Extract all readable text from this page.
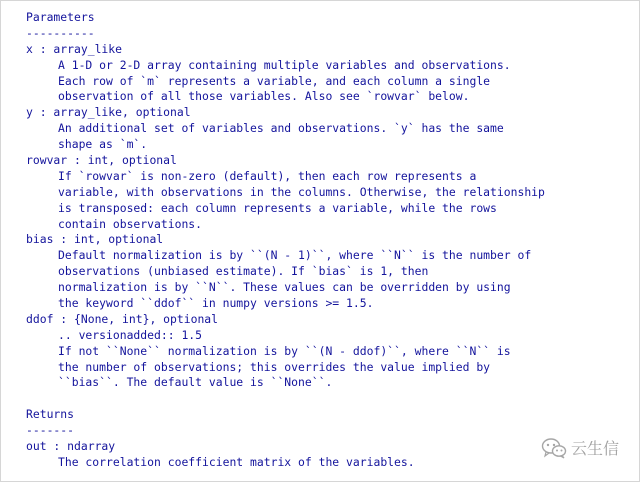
Parameters
----------
x : array_like
A 1-D or 2-D array containing multiple variables and observations.
Each row of `m` represents a variable, and each column a single
observation of all those variables. Also see `rowvar` below.
y : array_like, optional
An additional set of variables and observations. `y` has the same
shape as `m`.
rowvar : int, optional
If `rowvar` is non-zero (default), then each row represents a
variable, with observations in the columns. Otherwise, the relationship
is transposed: each column represents a variable, while the rows
contain observations.
bias : int, optional
Default normalization is by ``(N - 1)``, where ``N`` is the number of
observations (unbiased estimate). If `bias` is 1, then
normalization is by ``N``. These values can be overridden by using
the keyword ``ddof`` in numpy versions >= 1.5.
ddof : {None, int}, optional
.. versionadded:: 1.5
If not ``None`` normalization is by ``(N - ddof)``, where ``N`` is
the number of observations; this overrides the value implied by
``bias``. The default value is ``None``.
Returns
-------
out : ndarray
The correlation coefficient matrix of the variables.
云生信
